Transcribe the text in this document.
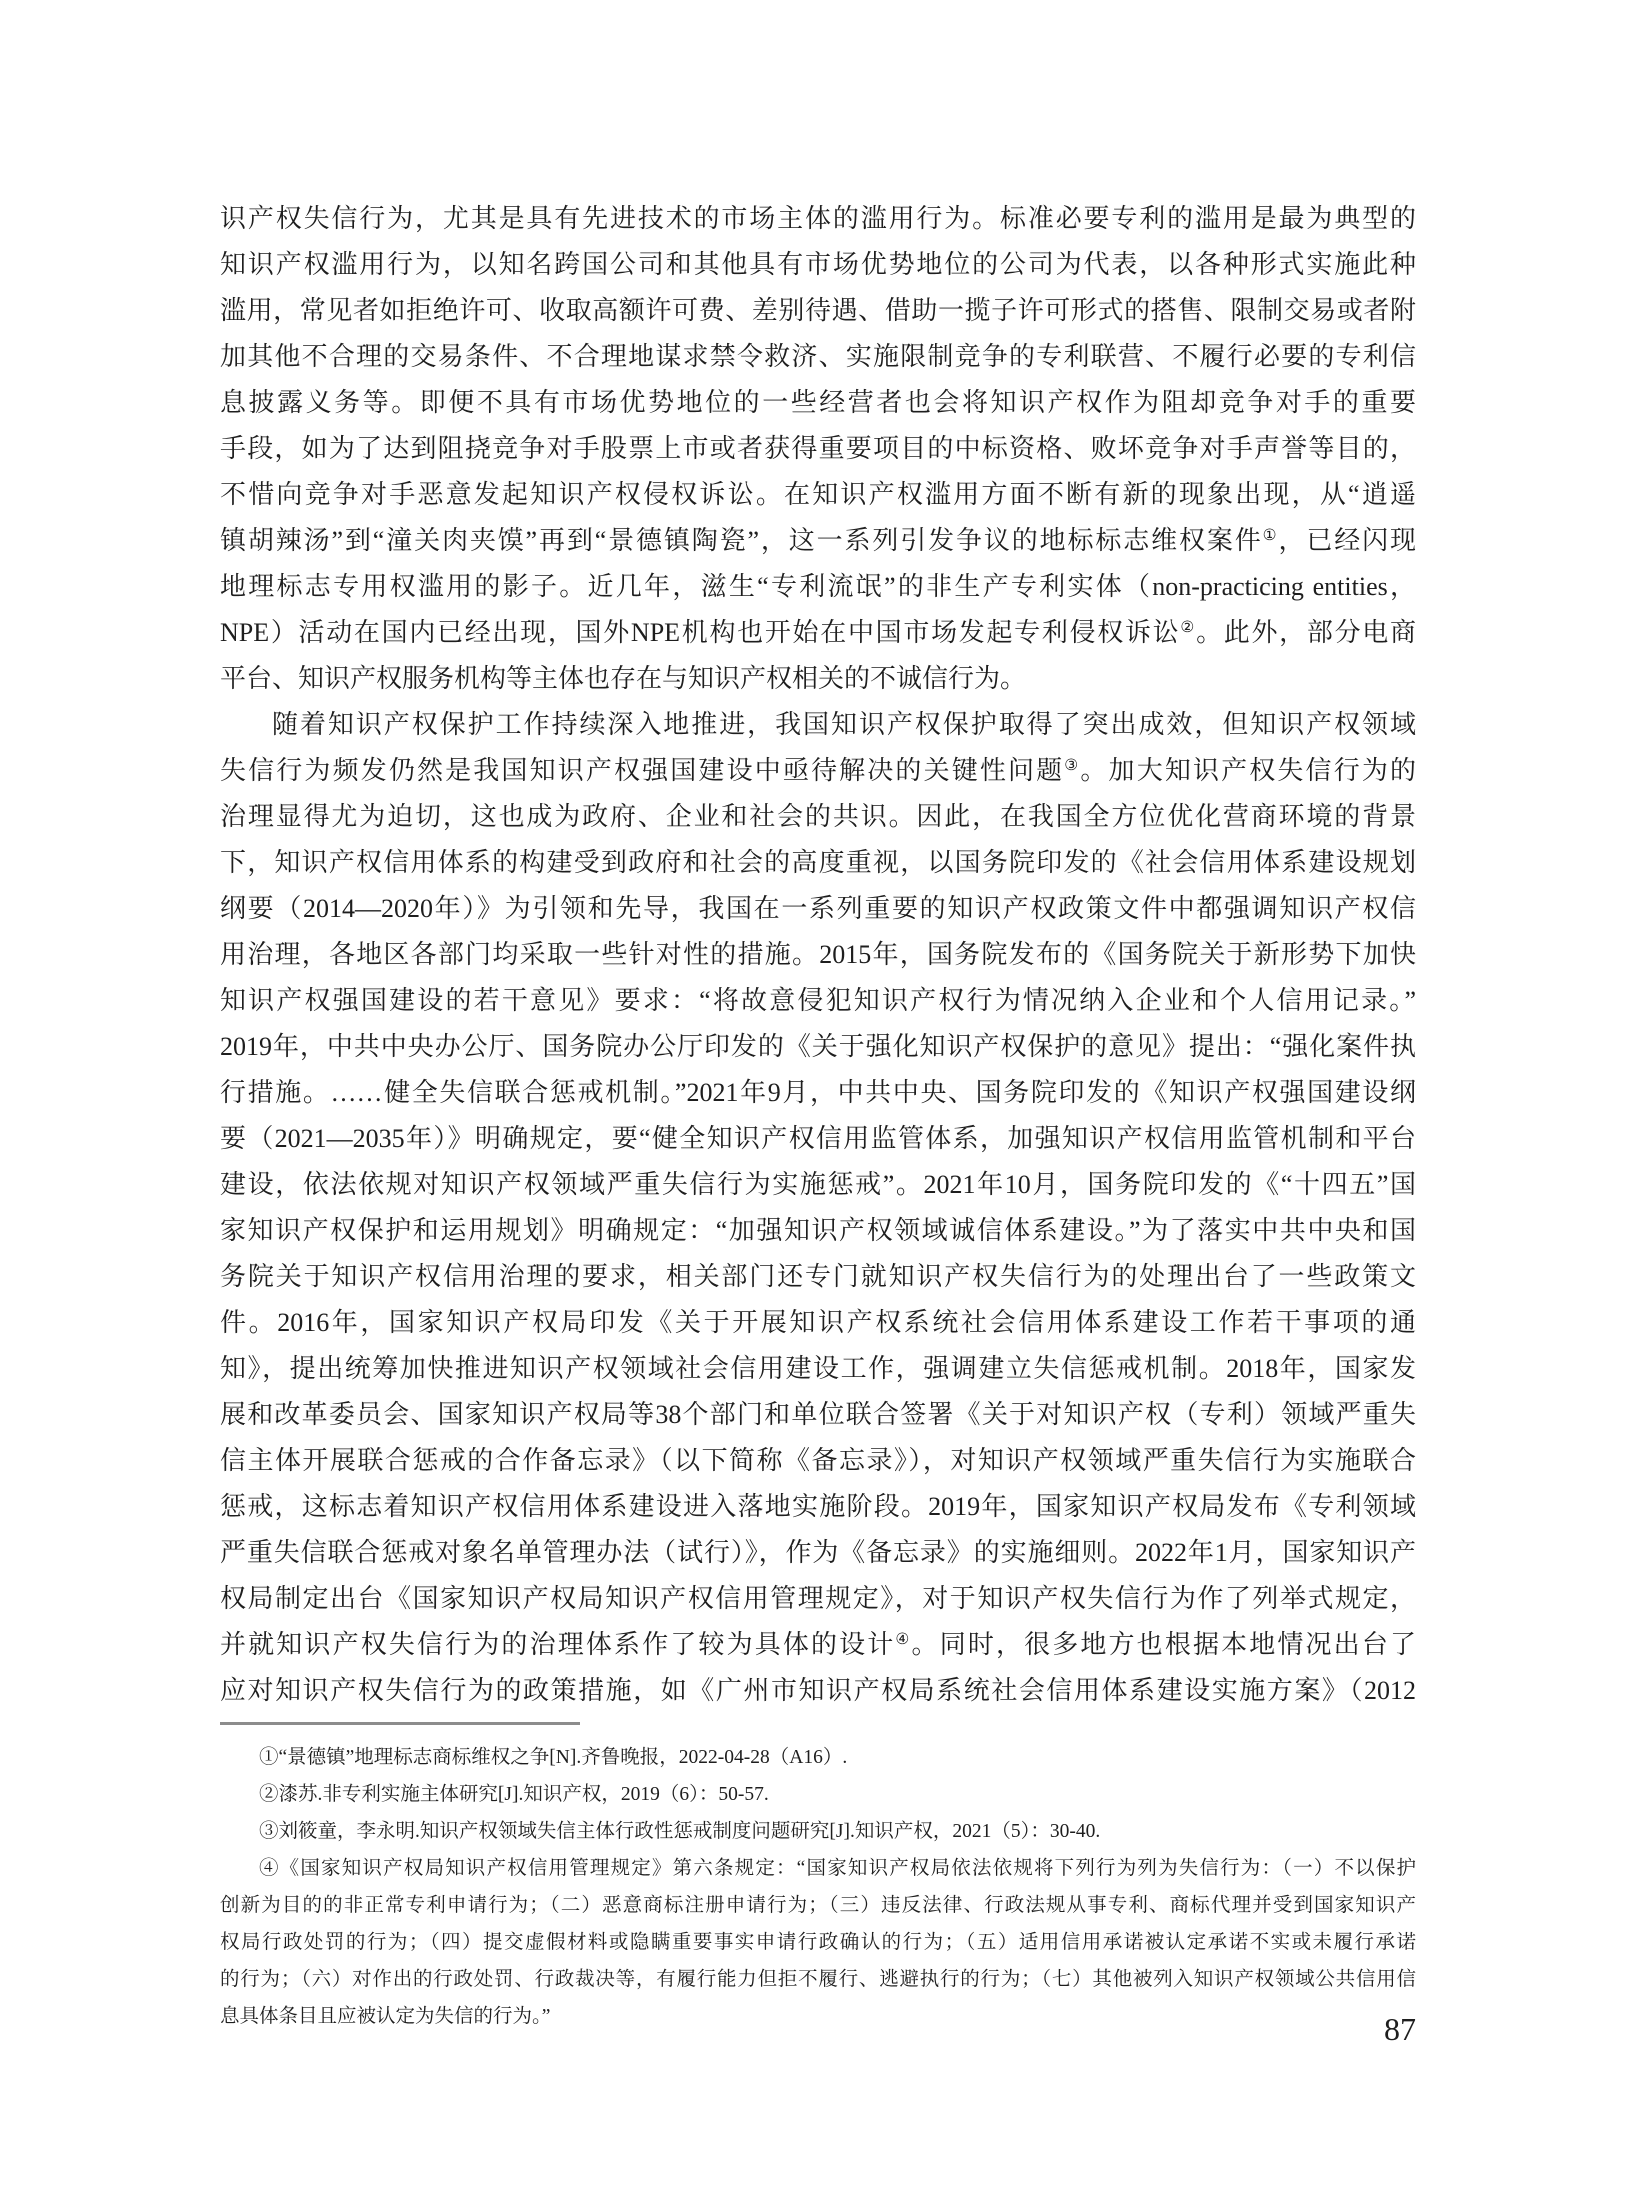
识产权失信行为，尤其是具有先进技术的市场主体的滥用行为。标准必要专利的滥用是最为典型的
知识产权滥用行为，以知名跨国公司和其他具有市场优势地位的公司为代表，以各种形式实施此种
滥用，常见者如拒绝许可、收取高额许可费、差别待遇、借助一揽子许可形式的搭售、限制交易或者附
加其他不合理的交易条件、不合理地谋求禁令救济、实施限制竞争的专利联营、不履行必要的专利信
息披露义务等。即便不具有市场优势地位的一些经营者也会将知识产权作为阻却竞争对手的重要
手段，如为了达到阻挠竞争对手股票上市或者获得重要项目的中标资格、败坏竞争对手声誉等目的，
不惜向竞争对手恶意发起知识产权侵权诉讼。在知识产权滥用方面不断有新的现象出现，从“逍遥
镇胡辣汤”到“潼关肉夹馍”再到“景德镇陶瓷”，这一系列引发争议的地标标志维权案件①，已经闪现
地理标志专用权滥用的影子。近几年，滋生“专利流氓”的非生产专利实体（non-practicing entities，
NPE）活动在国内已经出现，国外NPE机构也开始在中国市场发起专利侵权诉讼②。此外，部分电商
平台、知识产权服务机构等主体也存在与知识产权相关的不诚信行为。
随着知识产权保护工作持续深入地推进，我国知识产权保护取得了突出成效，但知识产权领域
失信行为频发仍然是我国知识产权强国建设中亟待解决的关键性问题③。加大知识产权失信行为的
治理显得尤为迫切，这也成为政府、企业和社会的共识。因此，在我国全方位优化营商环境的背景
下，知识产权信用体系的构建受到政府和社会的高度重视，以国务院印发的《社会信用体系建设规划
纲要（2014—2020年）》为引领和先导，我国在一系列重要的知识产权政策文件中都强调知识产权信
用治理，各地区各部门均采取一些针对性的措施。2015年，国务院发布的《国务院关于新形势下加快
知识产权强国建设的若干意见》要求：“将故意侵犯知识产权行为情况纳入企业和个人信用记录。”
2019年，中共中央办公厅、国务院办公厅印发的《关于强化知识产权保护的意见》提出：“强化案件执
行措施。……健全失信联合惩戒机制。”2021年9月，中共中央、国务院印发的《知识产权强国建设纲
要（2021—2035年）》明确规定，要“健全知识产权信用监管体系，加强知识产权信用监管机制和平台
建设，依法依规对知识产权领域严重失信行为实施惩戒”。2021年10月，国务院印发的《“十四五”国
家知识产权保护和运用规划》明确规定：“加强知识产权领域诚信体系建设。”为了落实中共中央和国
务院关于知识产权信用治理的要求，相关部门还专门就知识产权失信行为的处理出台了一些政策文
件。2016年，国家知识产权局印发《关于开展知识产权系统社会信用体系建设工作若干事项的通
知》，提出统筹加快推进知识产权领域社会信用建设工作，强调建立失信惩戒机制。2018年，国家发
展和改革委员会、国家知识产权局等38个部门和单位联合签署《关于对知识产权（专利）领域严重失
信主体开展联合惩戒的合作备忘录》（以下简称《备忘录》），对知识产权领域严重失信行为实施联合
惩戒，这标志着知识产权信用体系建设进入落地实施阶段。2019年，国家知识产权局发布《专利领域
严重失信联合惩戒对象名单管理办法（试行）》，作为《备忘录》的实施细则。2022年1月，国家知识产
权局制定出台《国家知识产权局知识产权信用管理规定》，对于知识产权失信行为作了列举式规定，
并就知识产权失信行为的治理体系作了较为具体的设计④。同时，很多地方也根据本地情况出台了
应对知识产权失信行为的政策措施，如《广州市知识产权局系统社会信用体系建设实施方案》（2012
①“景德镇”地理标志商标维权之争[N].齐鲁晚报，2022-04-28（A16）.
②漆苏.非专利实施主体研究[J].知识产权，2019（6）：50-57.
③刘筱童，李永明.知识产权领域失信主体行政性惩戒制度问题研究[J].知识产权，2021（5）：30-40.
④《国家知识产权局知识产权信用管理规定》第六条规定：“国家知识产权局依法依规将下列行为列为失信行为：（一）不以保护
创新为目的的非正常专利申请行为；（二）恶意商标注册申请行为；（三）违反法律、行政法规从事专利、商标代理并受到国家知识产
权局行政处罚的行为；（四）提交虚假材料或隐瞒重要事实申请行政确认的行为；（五）适用信用承诺被认定承诺不实或未履行承诺
的行为；（六）对作出的行政处罚、行政裁决等，有履行能力但拒不履行、逃避执行的行为；（七）其他被列入知识产权领域公共信用信
息具体条目且应被认定为失信的行为。”	87
